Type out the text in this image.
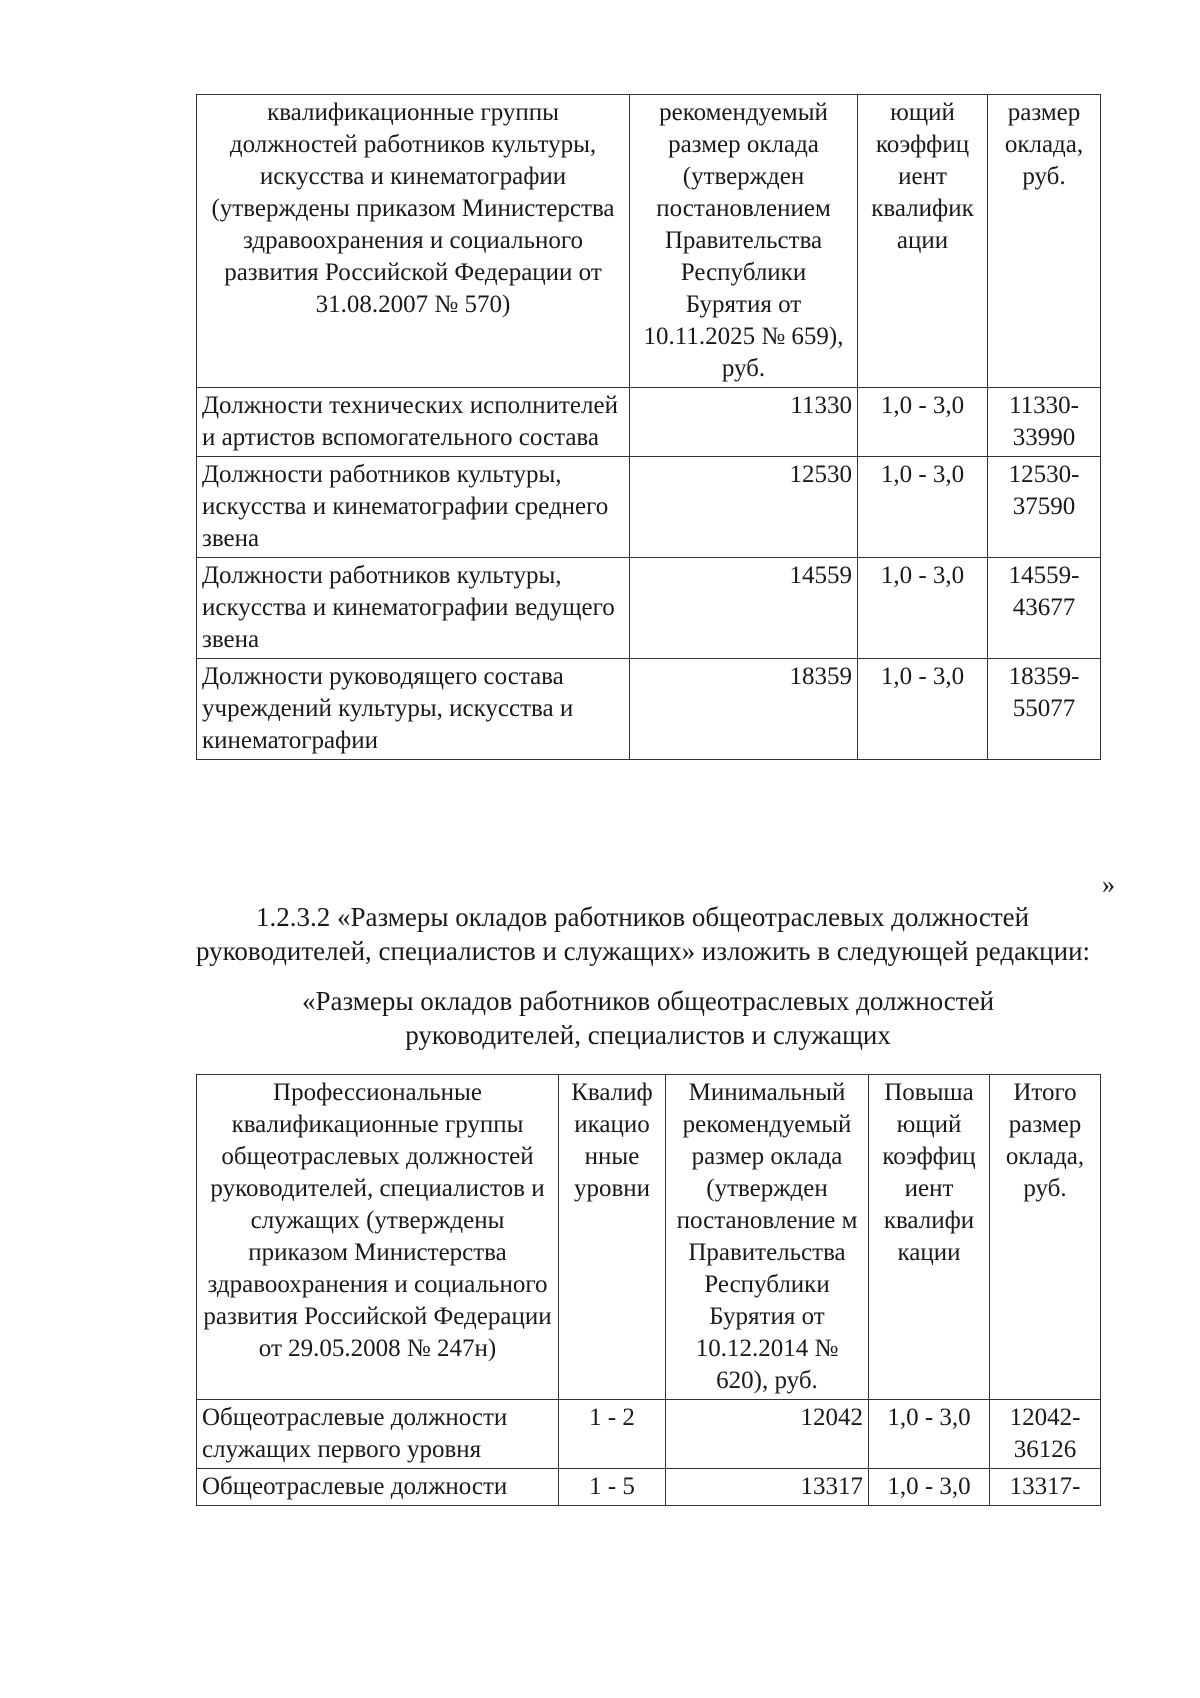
квалификационные группы должностей работников культуры, искусства и кинематографии (утверждены приказом Министерства здравоохранения и социального развития Российской Федерации от 31.08.2007 № 570)	рекомендуемый размер оклада (утвержден постановлением Правительства Республики Бурятия от 10.11.2025 № 659), руб.	ющий коэффиц иент квалифик ации	размер оклада, руб.
Должности технических исполнителей и артистов вспомогательного состава	11330	1,0 - 3,0	11330-33990
Должности работников культуры, искусства и кинематографии среднего звена	12530	1,0 - 3,0	12530-37590
Должности работников культуры, искусства и кинематографии ведущего звена	14559	1,0 - 3,0	14559-43677
Должности руководящего состава учреждений культуры, искусства и кинематографии	18359	1,0 - 3,0	18359-55077
»
1.2.3.2 «Размеры окладов работников общеотраслевых должностей
руководителей, специалистов и служащих» изложить в следующей редакции:
«Размеры окладов работников общеотраслевых должностей
руководителей, специалистов и служащих
Профессиональные квалификационные группы общеотраслевых должностей руководителей, специалистов и служащих (утверждены приказом Министерства здравоохранения и социального развития Российской Федерации от 29.05.2008 № 247н)	Квалиф икацио нные уровни	Минимальный рекомендуемый размер оклада (утвержден постановление м Правительства Республики Бурятия от 10.12.2014 № 620), руб.	Повыша ющий коэффиц иент квалифи кации	Итого размер оклада, руб.
Общеотраслевые должности служащих первого уровня	1 - 2	12042	1,0 - 3,0	12042-36126
Общеотраслевые должности	1 - 5	13317	1,0 - 3,0	13317-
